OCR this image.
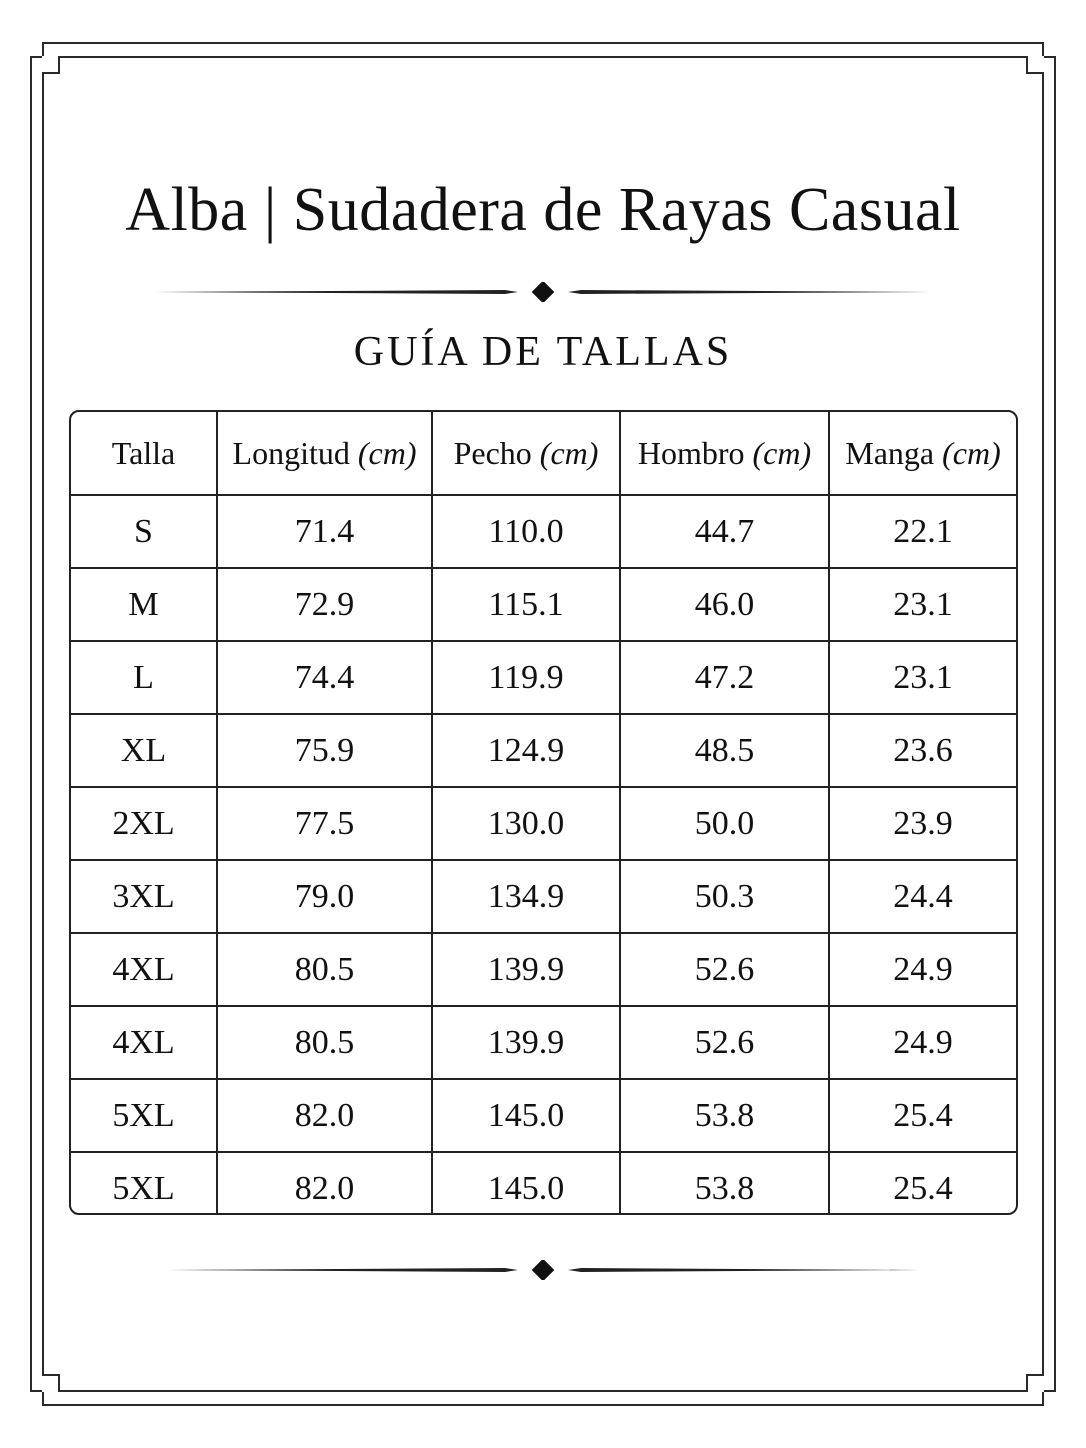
Alba | Sudadera de Rayas Casual
GUÍA DE TALLAS
Talla	Longitud (cm)	Pecho (cm)	Hombro (cm)	Manga (cm)
S	71.4	110.0	44.7	22.1
M	72.9	115.1	46.0	23.1
L	74.4	119.9	47.2	23.1
XL	75.9	124.9	48.5	23.6
2XL	77.5	130.0	50.0	23.9
3XL	79.0	134.9	50.3	24.4
4XL	80.5	139.9	52.6	24.9
4XL	80.5	139.9	52.6	24.9
5XL	82.0	145.0	53.8	25.4
5XL	82.0	145.0	53.8	25.4
